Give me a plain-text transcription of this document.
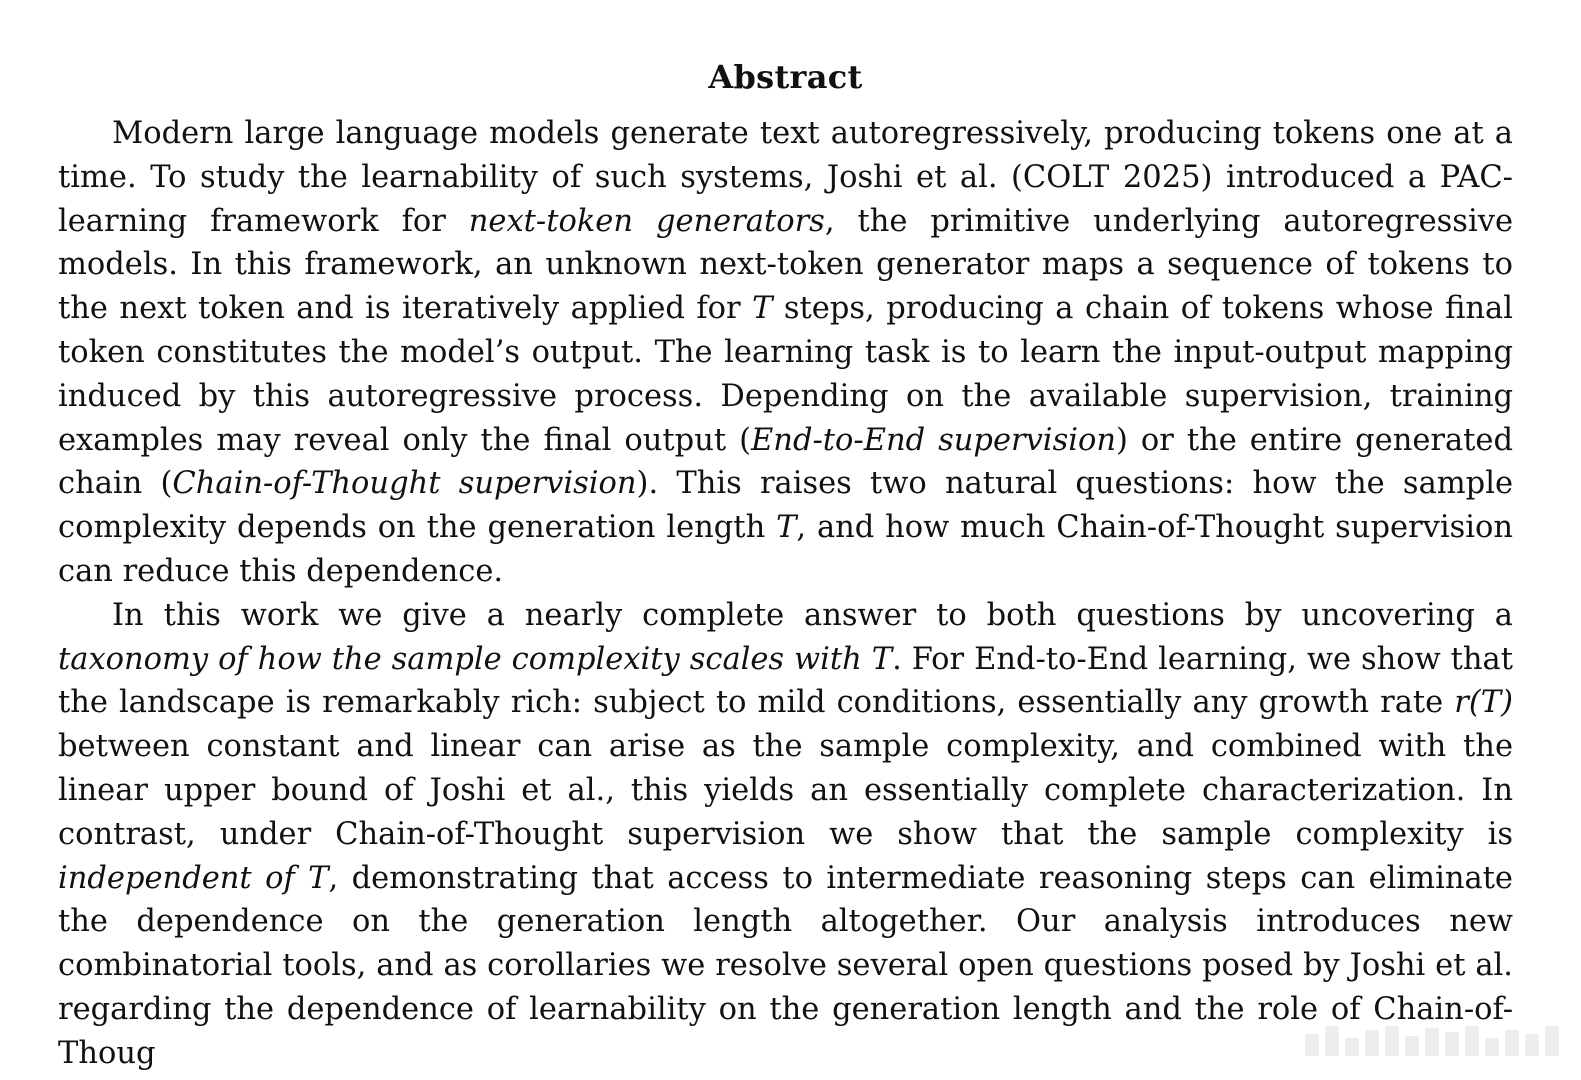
Abstract

Modern large language models generate text autoregressively, producing tokens one at a time. To study the learnability of such systems, Joshi et al. (COLT 2025) introduced a PAC-learning framework for next-token generators, the primitive underlying autoregressive models. In this framework, an unknown next-token generator maps a sequence of tokens to the next token and is iteratively applied for T steps, producing a chain of tokens whose final token constitutes the model’s output. The learning task is to learn the input-output mapping induced by this autoregressive process. Depending on the available supervision, training examples may reveal only the final output (End-to-End supervision) or the entire generated chain (Chain-of-Thought supervision). This raises two natural questions: how the sample complexity depends on the generation length T, and how much Chain-of-Thought supervision can reduce this dependence.

In this work we give a nearly complete answer to both questions by uncovering a taxonomy of how the sample complexity scales with T. For End-to-End learning, we show that the landscape is remarkably rich: subject to mild conditions, essentially any growth rate r(T) between constant and linear can arise as the sample complexity, and combined with the linear upper bound of Joshi et al., this yields an essentially complete characterization. In contrast, under Chain-of-Thought supervision we show that the sample complexity is independent of T, demonstrating that access to intermediate reasoning steps can eliminate the dependence on the generation length altogether. Our analysis introduces new combinatorial tools, and as corollaries we resolve several open questions posed by Joshi et al. regarding the dependence of learnability on the generation length and the role of Chain-of-Thoug
